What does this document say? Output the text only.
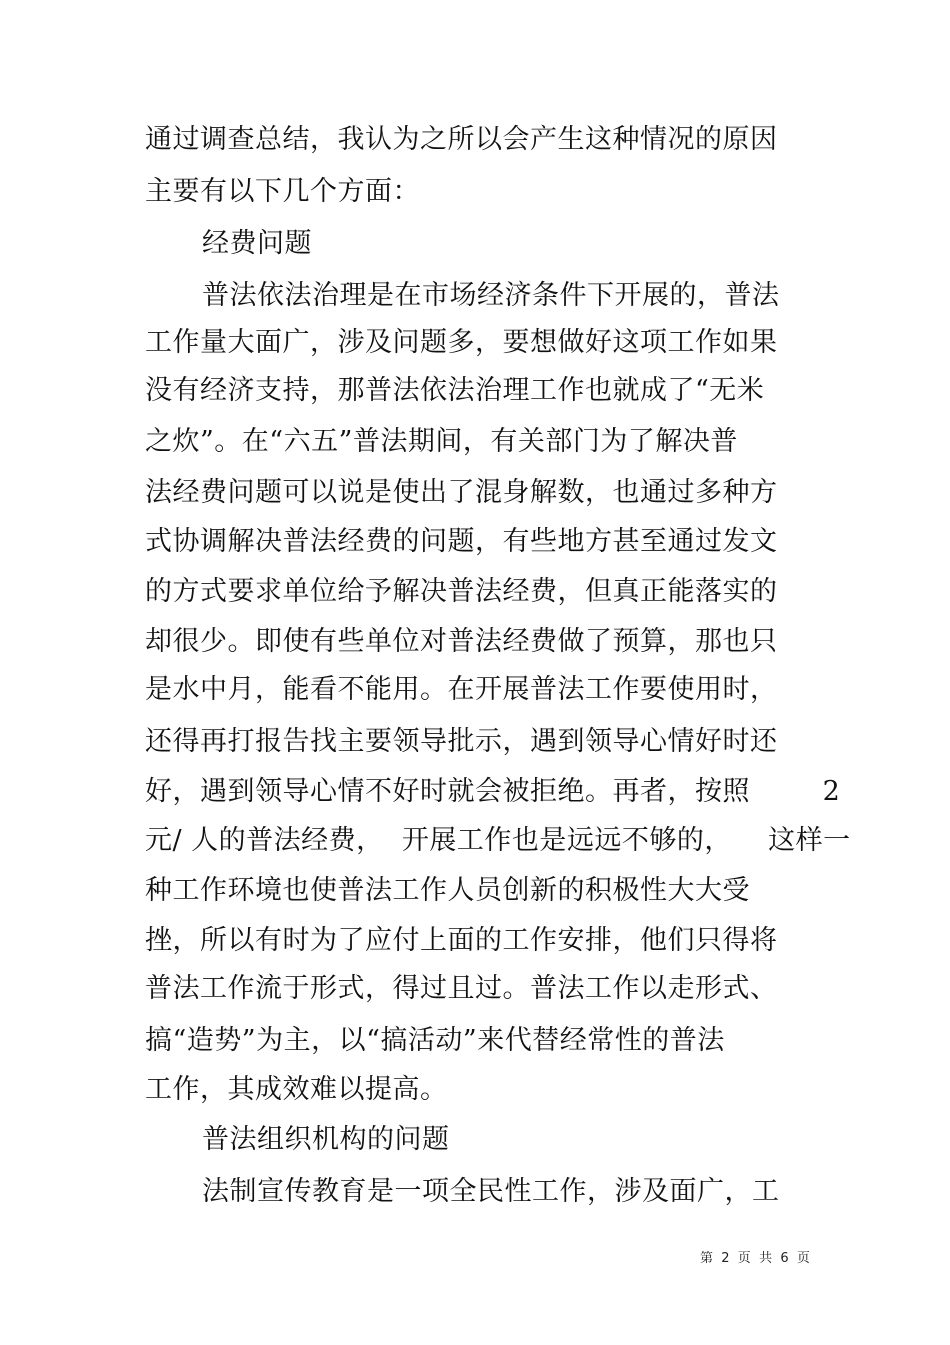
通过调查总结，我认为之所以会产生这种情况的原因
主要有以下几个方面：
经费问题
普法依法治理是在市场经济条件下开展的，普法
工作量大面广，涉及问题多，要想做好这项工作如果
没有经济支持，那普法依法治理工作也就成了“无米
之炊”。在“六五”普法期间，有关部门为了解决普
法经费问题可以说是使出了混身解数，也通过多种方
式协调解决普法经费的问题，有些地方甚至通过发文
的方式要求单位给予解决普法经费，但真正能落实的
却很少。即使有些单位对普法经费做了预算，那也只
是水中月，能看不能用。在开展普法工作要使用时，
还得再打报告找主要领导批示，遇到领导心情好时还
好，遇到领导心情不好时就会被拒绝。再者，按照        2
元/ 人的普法经费，  开展工作也是远远不够的，    这样一
种工作环境也使普法工作人员创新的积极性大大受
挫，所以有时为了应付上面的工作安排，他们只得将
普法工作流于形式，得过且过。普法工作以走形式、
搞“造势”为主，以“搞活动”来代替经常性的普法
工作，其成效难以提高。
普法组织机构的问题
法制宣传教育是一项全民性工作，涉及面广，工
第  2  页  共  6  页
